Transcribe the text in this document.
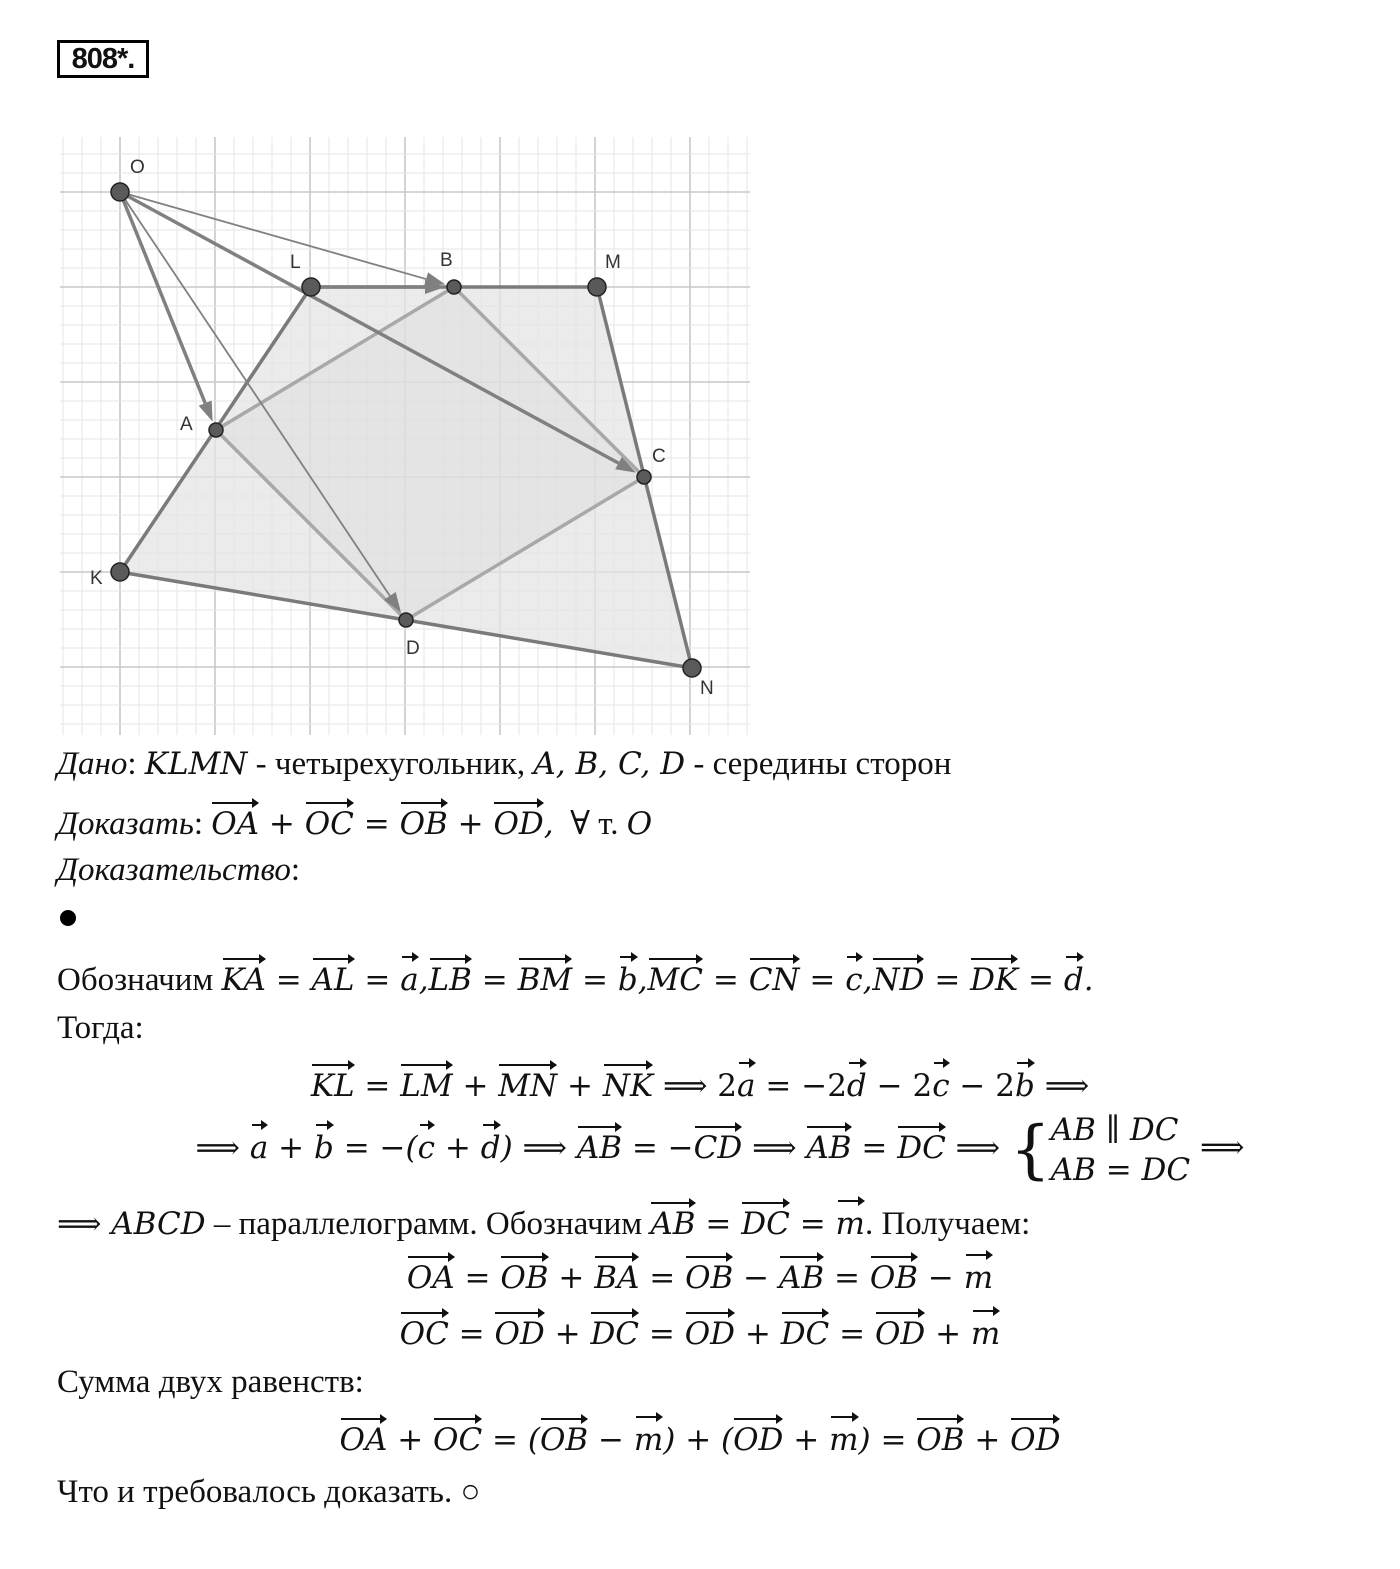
808*.
O
L	B	M
A
C
K
D
N
Дано: KLMN - четырехугольник, A, B, C, D - середины сторон
Доказать: OA + OC = OB + OD, ∀ т. O
Доказательство:
Обозначим KA = AL = a,LB = BM = b,MC = CN = c,ND = DK = d.
Тогда:
KL = LM + MN + NK ⟹ 2a = −2d − 2c − 2b ⟹
⟹ a + b = −(c + d) ⟹ AB = −CD ⟹ AB = DC ⟹ { AB ∥ DC
AB = DC
⟹
⟹ ABCD – параллелограмм. Обозначим AB = DC = m. Получаем:
OA = OB + BA = OB − AB = OB − m
OC = OD + DC = OD + DC = OD + m
Сумма двух равенств:
OA + OC = (OB − m) + (OD + m) = OB + OD
Что и требовалось доказать. ○
